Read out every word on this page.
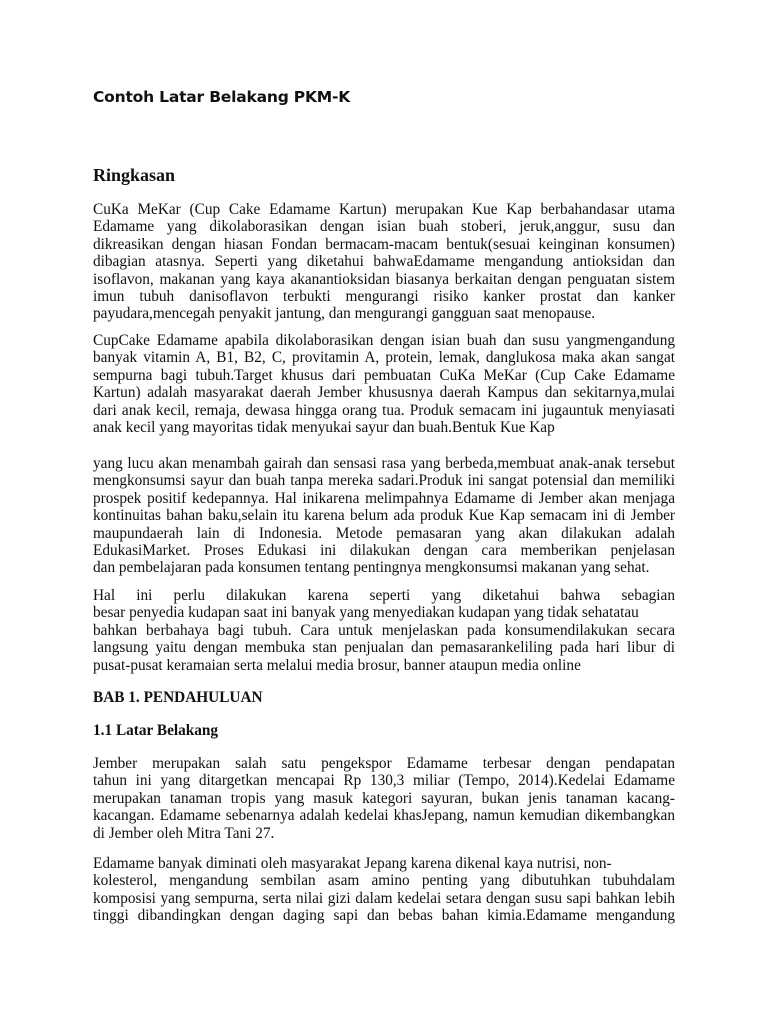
Contoh Latar Belakang PKM-K
Ringkasan
CuKa MeKar (Cup Cake Edamame Kartun) merupakan Kue Kap berbahandasar utama
Edamame yang dikolaborasikan dengan isian buah stoberi, jeruk,anggur, susu dan
dikreasikan dengan hiasan Fondan bermacam-macam bentuk(sesuai keinginan konsumen)
dibagian atasnya. Seperti yang diketahui bahwaEdamame mengandung antioksidan dan
isoflavon, makanan yang kaya akanantioksidan biasanya berkaitan dengan penguatan sistem
imun tubuh danisoflavon terbukti mengurangi risiko kanker prostat dan kanker
payudara,mencegah penyakit jantung, dan mengurangi gangguan saat menopause.
CupCake Edamame apabila dikolaborasikan dengan isian buah dan susu yangmengandung
banyak vitamin A, B1, B2, C, provitamin A, protein, lemak, danglukosa maka akan sangat
sempurna bagi tubuh.Target khusus dari pembuatan CuKa MeKar (Cup Cake Edamame
Kartun) adalah masyarakat daerah Jember khususnya daerah Kampus dan sekitarnya,mulai
dari anak kecil, remaja, dewasa hingga orang tua. Produk semacam ini jugauntuk menyiasati
anak kecil yang mayoritas tidak menyukai sayur dan buah.Bentuk Kue Kap
yang lucu akan menambah gairah dan sensasi rasa yang berbeda,membuat anak-anak tersebut
mengkonsumsi sayur dan buah tanpa mereka sadari.Produk ini sangat potensial dan memiliki
prospek positif kedepannya. Hal inikarena melimpahnya Edamame di Jember akan menjaga
kontinuitas bahan baku,selain itu karena belum ada produk Kue Kap semacam ini di Jember
maupundaerah lain di Indonesia. Metode pemasaran yang akan dilakukan adalah
EdukasiMarket. Proses Edukasi ini dilakukan dengan cara memberikan penjelasan
dan pembelajaran pada konsumen tentang pentingnya mengkonsumsi makanan yang sehat.
Hal ini perlu dilakukan karena seperti yang diketahui bahwa sebagian
besar penyedia kudapan saat ini banyak yang menyediakan kudapan yang tidak sehatatau
bahkan berbahaya bagi tubuh. Cara untuk menjelaskan pada konsumendilakukan secara
langsung yaitu dengan membuka stan penjualan dan pemasarankeliling pada hari libur di
pusat-pusat keramaian serta melalui media brosur, banner ataupun media online
BAB 1. PENDAHULUAN
1.1 Latar Belakang
Jember merupakan salah satu pengekspor Edamame terbesar dengan pendapatan
tahun ini yang ditargetkan mencapai Rp 130,3 miliar (Tempo, 2014).Kedelai Edamame
merupakan tanaman tropis yang masuk kategori sayuran, bukan jenis tanaman kacang-
kacangan. Edamame sebenarnya adalah kedelai khasJepang, namun kemudian dikembangkan
di Jember oleh Mitra Tani 27.
Edamame banyak diminati oleh masyarakat Jepang karena dikenal kaya nutrisi, non-
kolesterol, mengandung sembilan asam amino penting yang dibutuhkan tubuhdalam
komposisi yang sempurna, serta nilai gizi dalam kedelai setara dengan susu sapi bahkan lebih
tinggi dibandingkan dengan daging sapi dan bebas bahan kimia.Edamame mengandung
